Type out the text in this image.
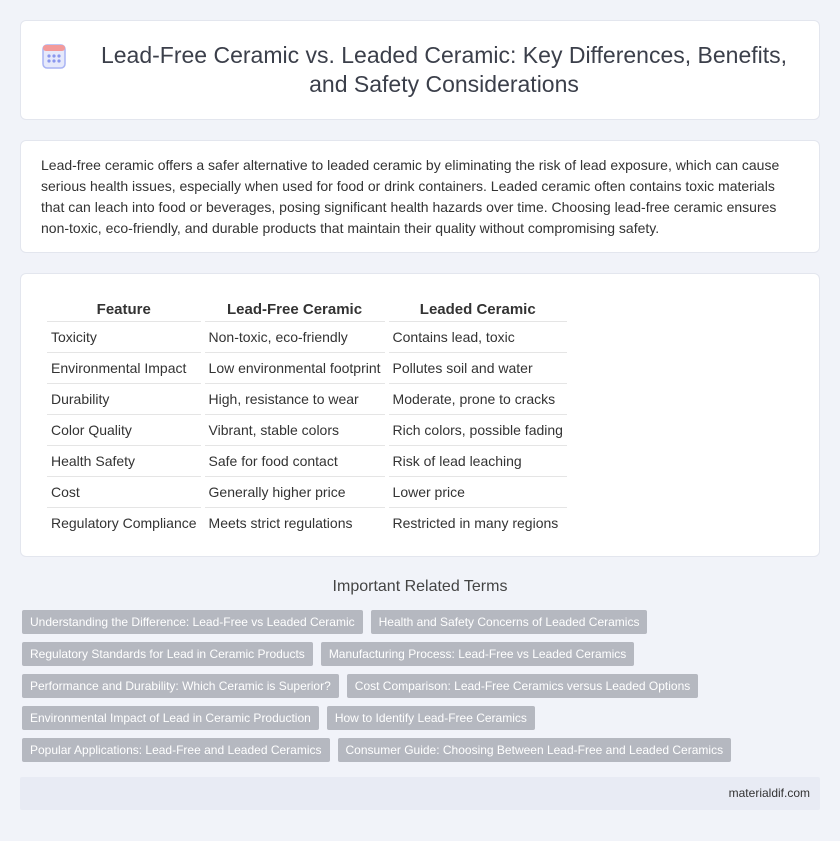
Lead-Free Ceramic vs. Leaded Ceramic: Key Differences, Benefits, and Safety Considerations

Lead-free ceramic offers a safer alternative to leaded ceramic by eliminating the risk of lead exposure, which can cause serious health issues, especially when used for food or drink containers. Leaded ceramic often contains toxic materials that can leach into food or beverages, posing significant health hazards over time. Choosing lead-free ceramic ensures non-toxic, eco-friendly, and durable products that maintain their quality without compromising safety.

Feature	Lead-Free Ceramic	Leaded Ceramic
Toxicity	Non-toxic, eco-friendly	Contains lead, toxic
Environmental Impact	Low environmental footprint	Pollutes soil and water
Durability	High, resistance to wear	Moderate, prone to cracks
Color Quality	Vibrant, stable colors	Rich colors, possible fading
Health Safety	Safe for food contact	Risk of lead leaching
Cost	Generally higher price	Lower price
Regulatory Compliance	Meets strict regulations	Restricted in many regions
Important Related Terms
Understanding the Difference: Lead-Free vs Leaded Ceramic	Health and Safety Concerns of Leaded Ceramics
Regulatory Standards for Lead in Ceramic Products	Manufacturing Process: Lead-Free vs Leaded Ceramics
Performance and Durability: Which Ceramic is Superior?	Cost Comparison: Lead-Free Ceramics versus Leaded Options
Environmental Impact of Lead in Ceramic Production	How to Identify Lead-Free Ceramics
Popular Applications: Lead-Free and Leaded Ceramics	Consumer Guide: Choosing Between Lead-Free and Leaded Ceramics
materialdif.com
